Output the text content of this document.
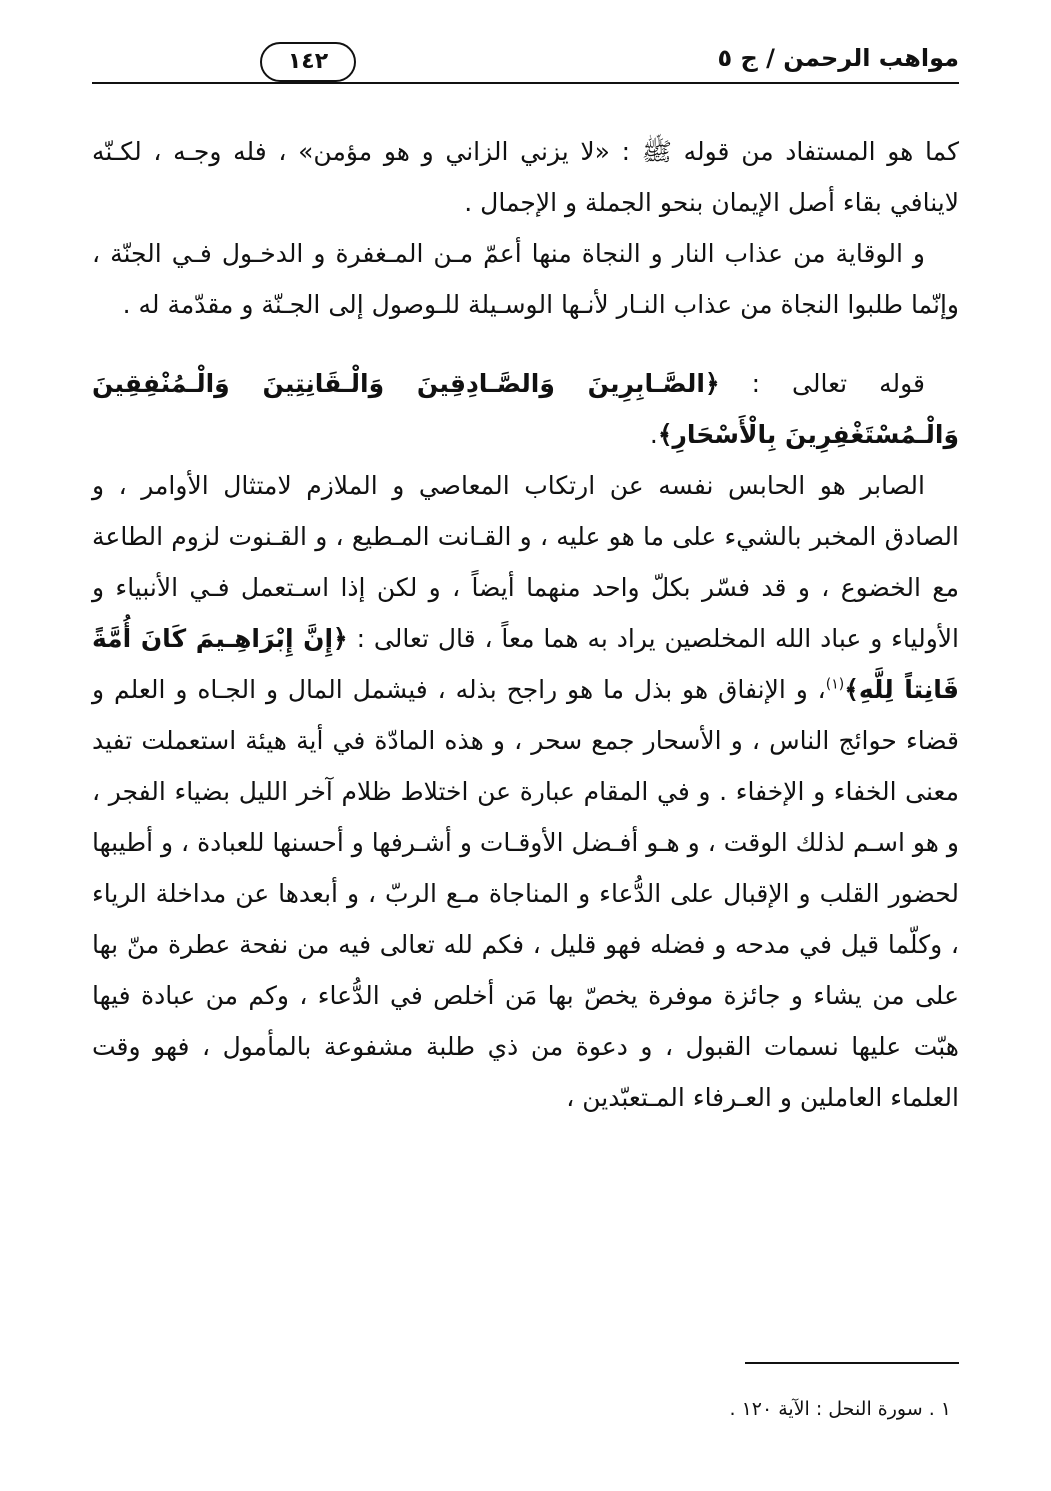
مواهب الرحمن / ج ٥
١٤٢

كما هو المستفاد من قوله ﷺ : «لا يزني الزاني و هو مؤمن» ، فله وجـه ، لكـنّه لاينافي بقاء أصل الإيمان بنحو الجملة و الإجمال .

و الوقاية من عذاب النار و النجاة منها أعمّ مـن المـغفرة و الدخـول فـي الجنّة ، وإنّما طلبوا النجاة من عذاب النـار لأنـها الوسـيلة للـوصول إلى الجـنّة و مقدّمة له .

قوله تعالى : ﴿الصَّـابِرِينَ وَالصَّـادِقِينَ وَالْـقَانِتِينَ وَالْـمُنْفِقِينَ وَالْـمُسْتَغْفِرِينَ بِالْأَسْحَارِ﴾.

الصابر هو الحابس نفسه عن ارتكاب المعاصي و الملازم لامتثال الأوامر ، و الصادق المخبر بالشيء على ما هو عليه ، و القـانت المـطيع ، و القـنوت لزوم الطاعة مع الخضوع ، و قد فسّر بكلّ واحد منهما أيضاً ، و لكن إذا اسـتعمل فـي الأنبياء و الأولياء و عباد الله المخلصين يراد به هما معاً ، قال تعالى : ﴿إِنَّ إِبْرَاهِـيمَ كَانَ أُمَّةً قَانِتاً لِلَّهِ﴾$^{(١)}$، و الإنفاق هو بذل ما هو راجح بذله ، فيشمل المال و الجـاه و العلم و قضاء حوائج الناس ، و الأسحار جمع سحر ، و هذه المادّة في أية هيئة استعملت تفيد معنى الخفاء و الإخفاء . و في المقام عبارة عن اختلاط ظلام آخر الليل بضياء الفجر ، و هو اسـم لذلك الوقت ، و هـو أفـضل الأوقـات و أشـرفها و أحسنها للعبادة ، و أطيبها لحضور القلب و الإقبال على الدُّعاء و المناجاة مـع الربّ ، و أبعدها عن مداخلة الرياء ، وكلّما قيل في مدحه و فضله فهو قليل ، فكم لله تعالى فيه من نفحة عطرة منّ بها على من يشاء و جائزة موفرة يخصّ بها مَن أخلص في الدُّعاء ، وكم من عبادة فيها هبّت عليها نسمات القبول ، و دعوة من ذي طلبة مشفوعة بالمأمول ، فهو وقت العلماء العاملين و العـرفاء المـتعبّدين ،

١ . سورة النحل : الآية ١٢٠ .
